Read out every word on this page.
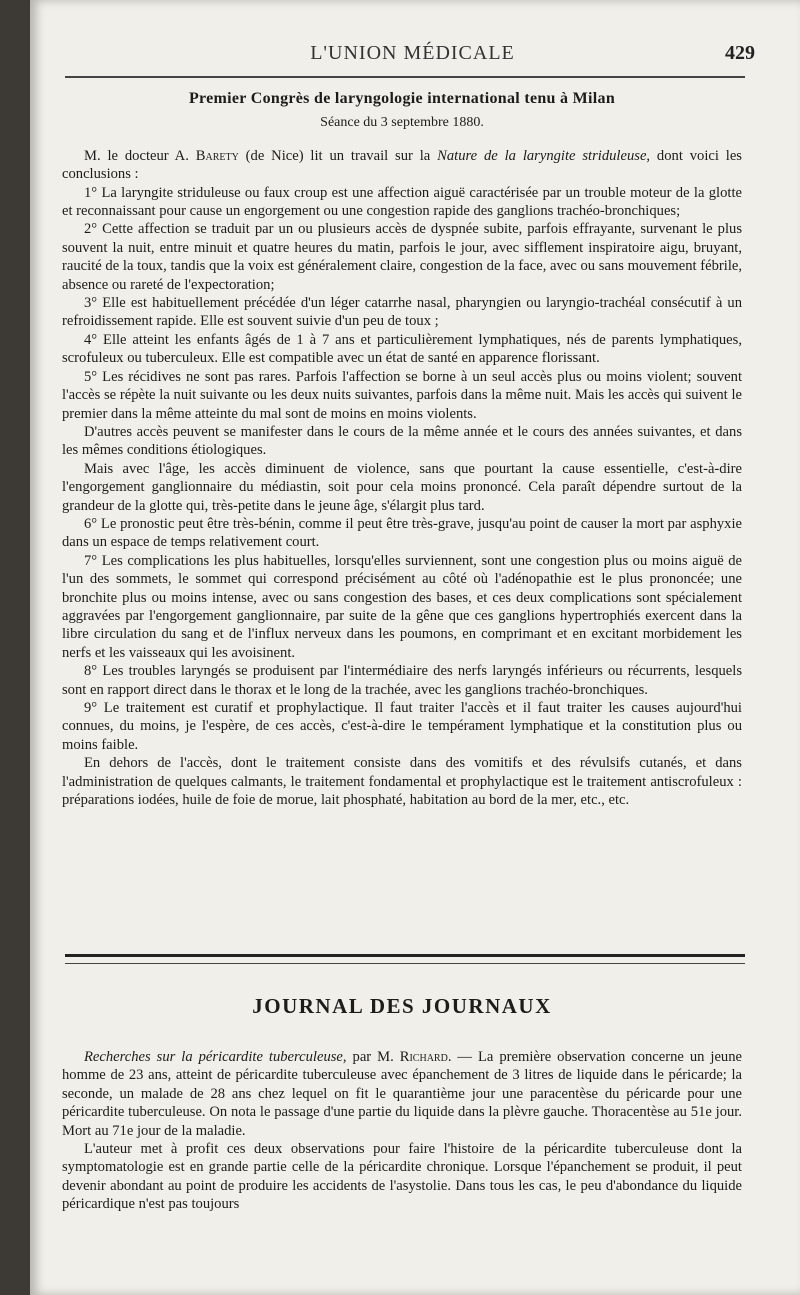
L'UNION MÉDICALE	429
Premier Congrès de laryngologie international tenu à Milan
Séance du 3 septembre 1880.

M. le docteur A. Barety (de Nice) lit un travail sur la Nature de la laryngite striduleuse, dont voici les conclusions :

1° La laryngite striduleuse ou faux croup est une affection aiguë caractérisée par un trouble moteur de la glotte et reconnaissant pour cause un engorgement ou une congestion rapide des ganglions trachéo-bronchiques;

2° Cette affection se traduit par un ou plusieurs accès de dyspnée subite, parfois effrayante, survenant le plus souvent la nuit, entre minuit et quatre heures du matin, parfois le jour, avec sifflement inspiratoire aigu, bruyant, raucité de la toux, tandis que la voix est généralement claire, congestion de la face, avec ou sans mouvement fébrile, absence ou rareté de l'expectoration;

3° Elle est habituellement précédée d'un léger catarrhe nasal, pharyngien ou laryngio-trachéal consécutif à un refroidissement rapide. Elle est souvent suivie d'un peu de toux ;

4° Elle atteint les enfants âgés de 1 à 7 ans et particulièrement lymphatiques, nés de parents lymphatiques, scrofuleux ou tuberculeux. Elle est compatible avec un état de santé en apparence florissant.

5° Les récidives ne sont pas rares. Parfois l'affection se borne à un seul accès plus ou moins violent; souvent l'accès se répète la nuit suivante ou les deux nuits suivantes, parfois dans la même nuit. Mais les accès qui suivent le premier dans la même atteinte du mal sont de moins en moins violents.

D'autres accès peuvent se manifester dans le cours de la même année et le cours des années suivantes, et dans les mêmes conditions étiologiques.

Mais avec l'âge, les accès diminuent de violence, sans que pourtant la cause essentielle, c'est-à-dire l'engorgement ganglionnaire du médiastin, soit pour cela moins prononcé. Cela paraît dépendre surtout de la grandeur de la glotte qui, très-petite dans le jeune âge, s'élargit plus tard.

6° Le pronostic peut être très-bénin, comme il peut être très-grave, jusqu'au point de causer la mort par asphyxie dans un espace de temps relativement court.

7° Les complications les plus habituelles, lorsqu'elles surviennent, sont une congestion plus ou moins aiguë de l'un des sommets, le sommet qui correspond précisément au côté où l'adénopathie est le plus prononcée; une bronchite plus ou moins intense, avec ou sans congestion des bases, et ces deux complications sont spécialement aggravées par l'engorgement ganglionnaire, par suite de la gêne que ces ganglions hypertrophiés exercent dans la libre circulation du sang et de l'influx nerveux dans les poumons, en comprimant et en excitant morbidement les nerfs et les vaisseaux qui les avoisinent.

8° Les troubles laryngés se produisent par l'intermédiaire des nerfs laryngés inférieurs ou récurrents, lesquels sont en rapport direct dans le thorax et le long de la trachée, avec les ganglions trachéo-bronchiques.

9° Le traitement est curatif et prophylactique. Il faut traiter l'accès et il faut traiter les causes aujourd'hui connues, du moins, je l'espère, de ces accès, c'est-à-dire le tempérament lymphatique et la constitution plus ou moins faible.

En dehors de l'accès, dont le traitement consiste dans des vomitifs et des révulsifs cutanés, et dans l'administration de quelques calmants, le traitement fondamental et prophylactique est le traitement antiscrofuleux : préparations iodées, huile de foie de morue, lait phosphaté, habitation au bord de la mer, etc., etc.

JOURNAL DES JOURNAUX

Recherches sur la péricardite tuberculeuse, par M. Richard. — La première observation concerne un jeune homme de 23 ans, atteint de péricardite tuberculeuse avec épanchement de 3 litres de liquide dans le péricarde; la seconde, un malade de 28 ans chez lequel on fit le quarantième jour une paracentèse du péricarde pour une péricardite tuberculeuse. On nota le passage d'une partie du liquide dans la plèvre gauche. Thoracentèse au 51e jour. Mort au 71e jour de la maladie.

L'auteur met à profit ces deux observations pour faire l'histoire de la péricardite tuberculeuse dont la symptomatologie est en grande partie celle de la péricardite chronique. Lorsque l'épanchement se produit, il peut devenir abondant au point de produire les accidents de l'asystolie. Dans tous les cas, le peu d'abondance du liquide péricardique n'est pas toujours
